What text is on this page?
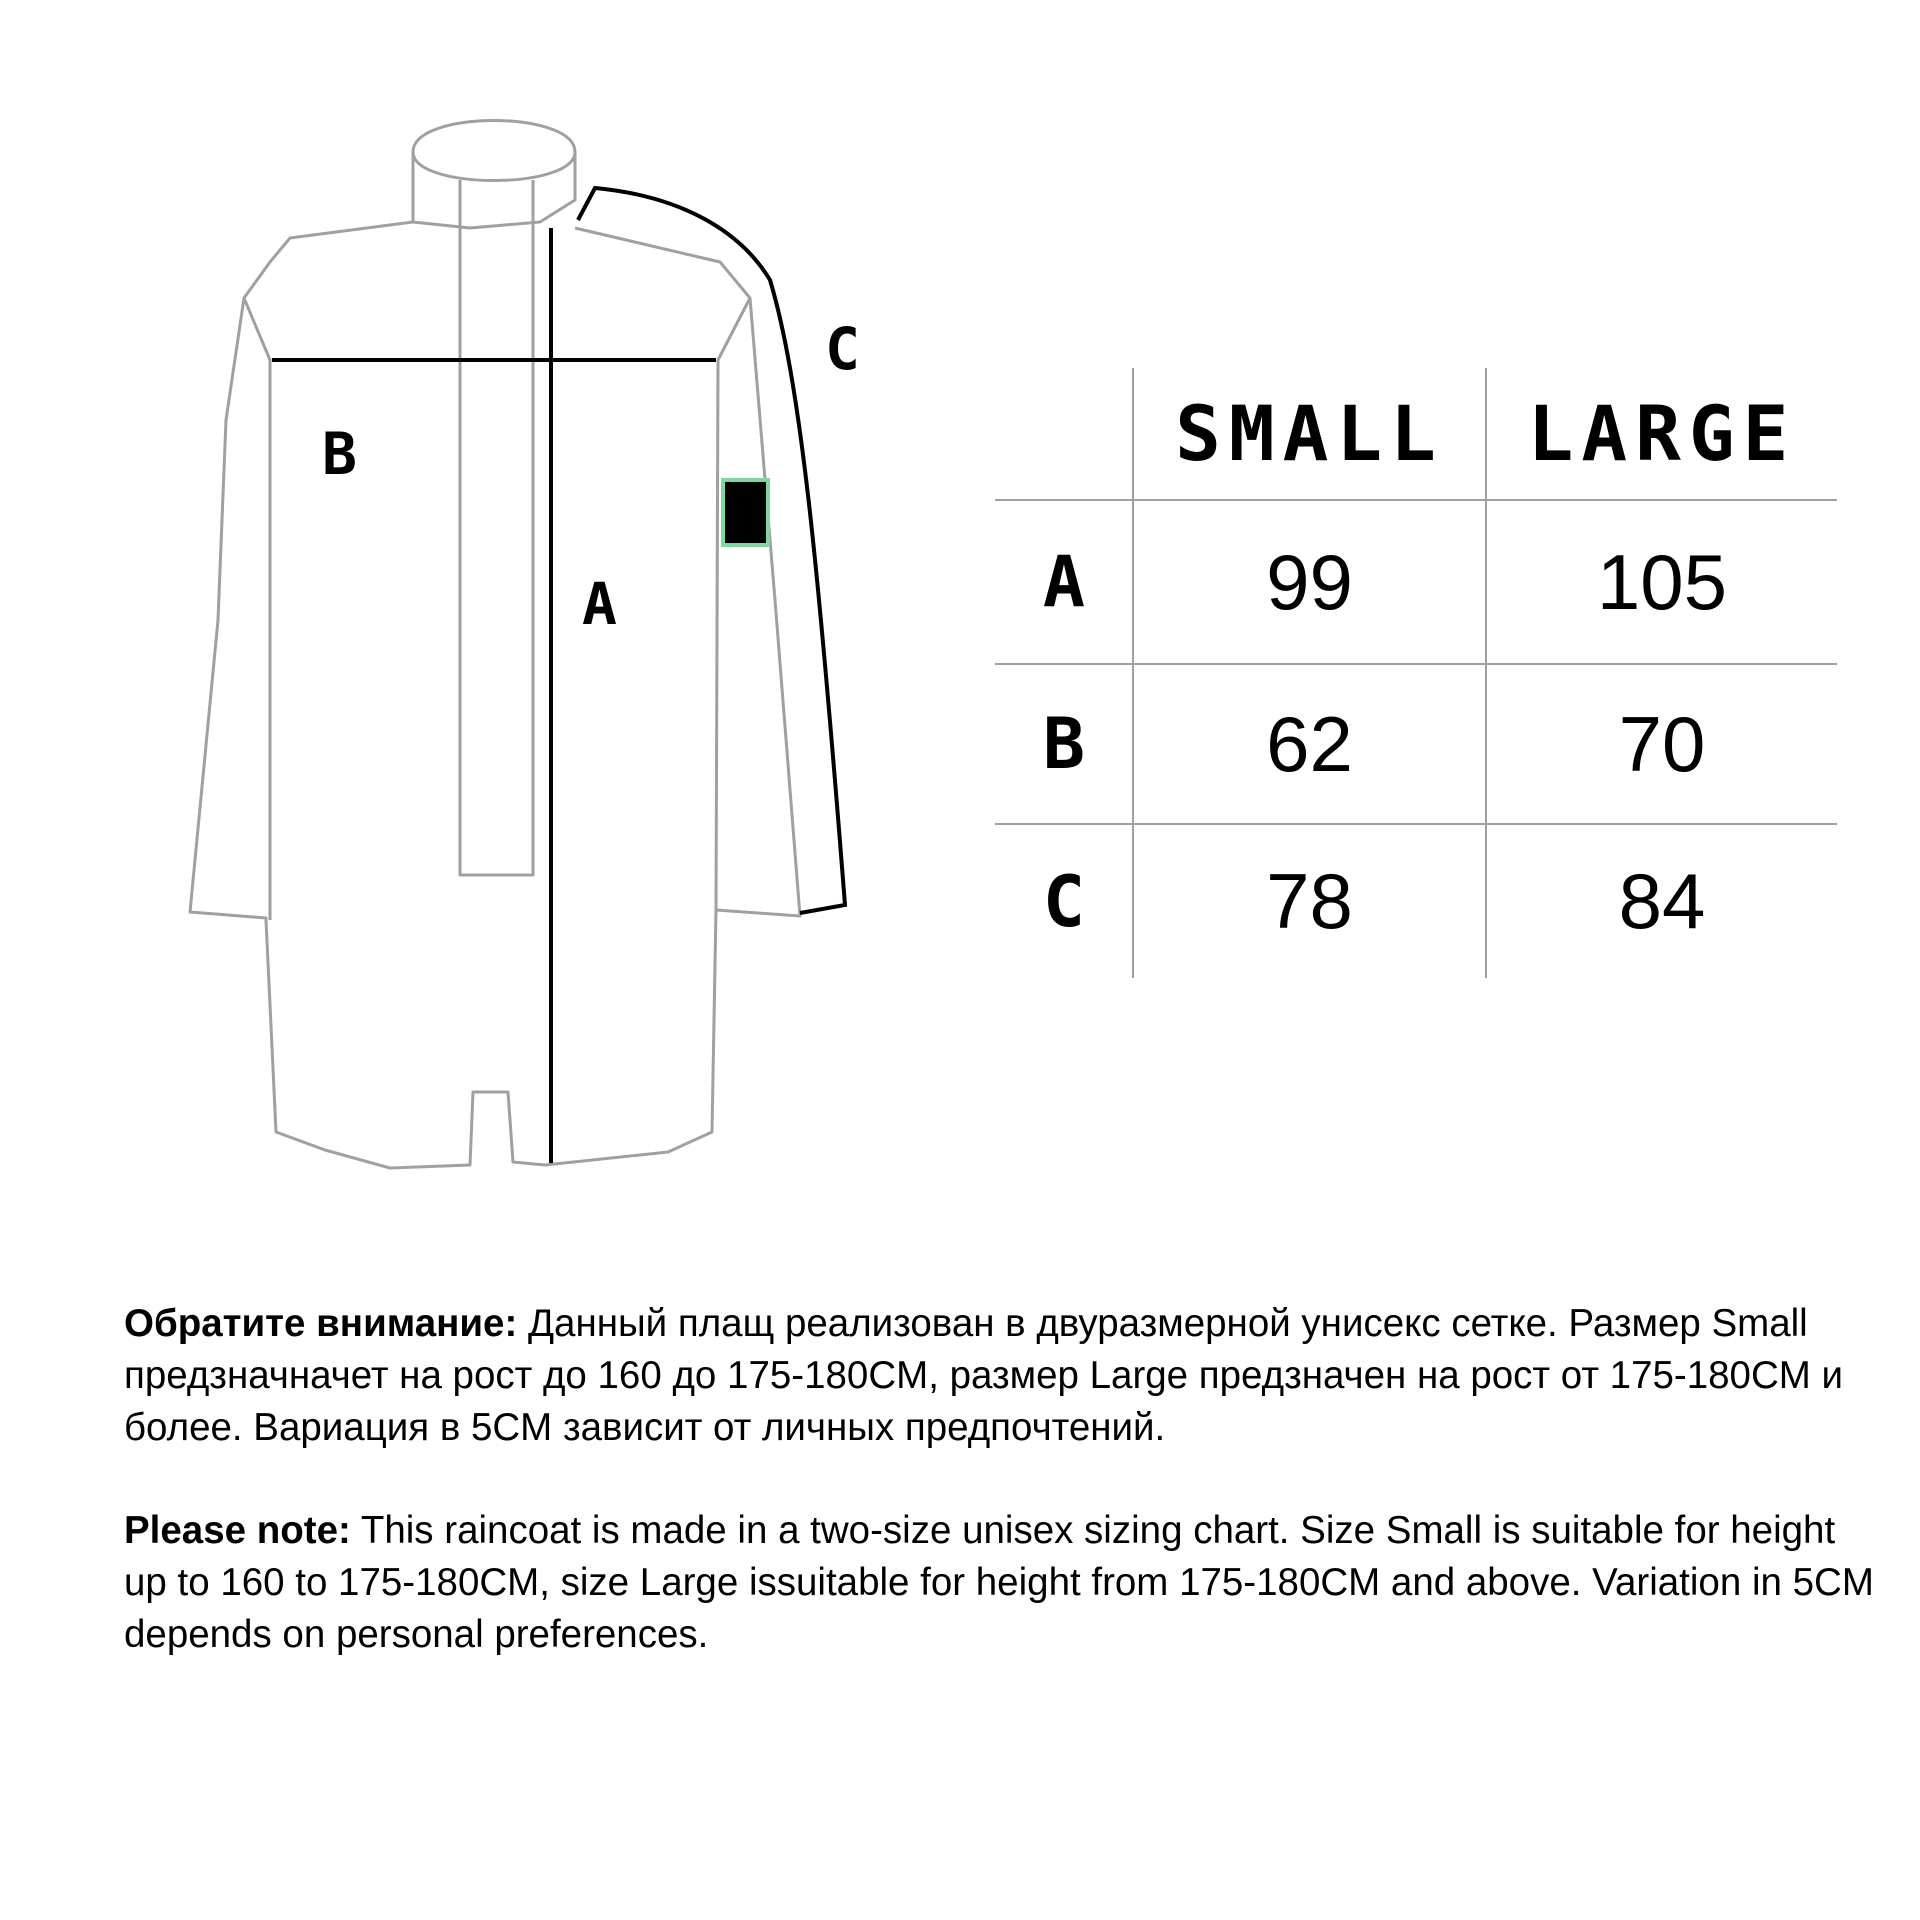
C
B
A
SMALL	LARGE
A	99	105
B	62	70
C	78	84

Обратите внимание: Данный плащ реализован в двуразмерной унисекс сетке. Размер Small предзначначет на рост до 160 до 175-180CM, размер Large предзначен на рост от 175-180CM и более. Вариация в 5CM зависит от личных предпочтений.

Please note: This raincoat is made in a two-size unisex sizing chart. Size Small is suitable for height up to 160 to 175-180CM, size Large issuitable for height from 175-180CM and above. Variation in 5CM depends on personal preferences.
